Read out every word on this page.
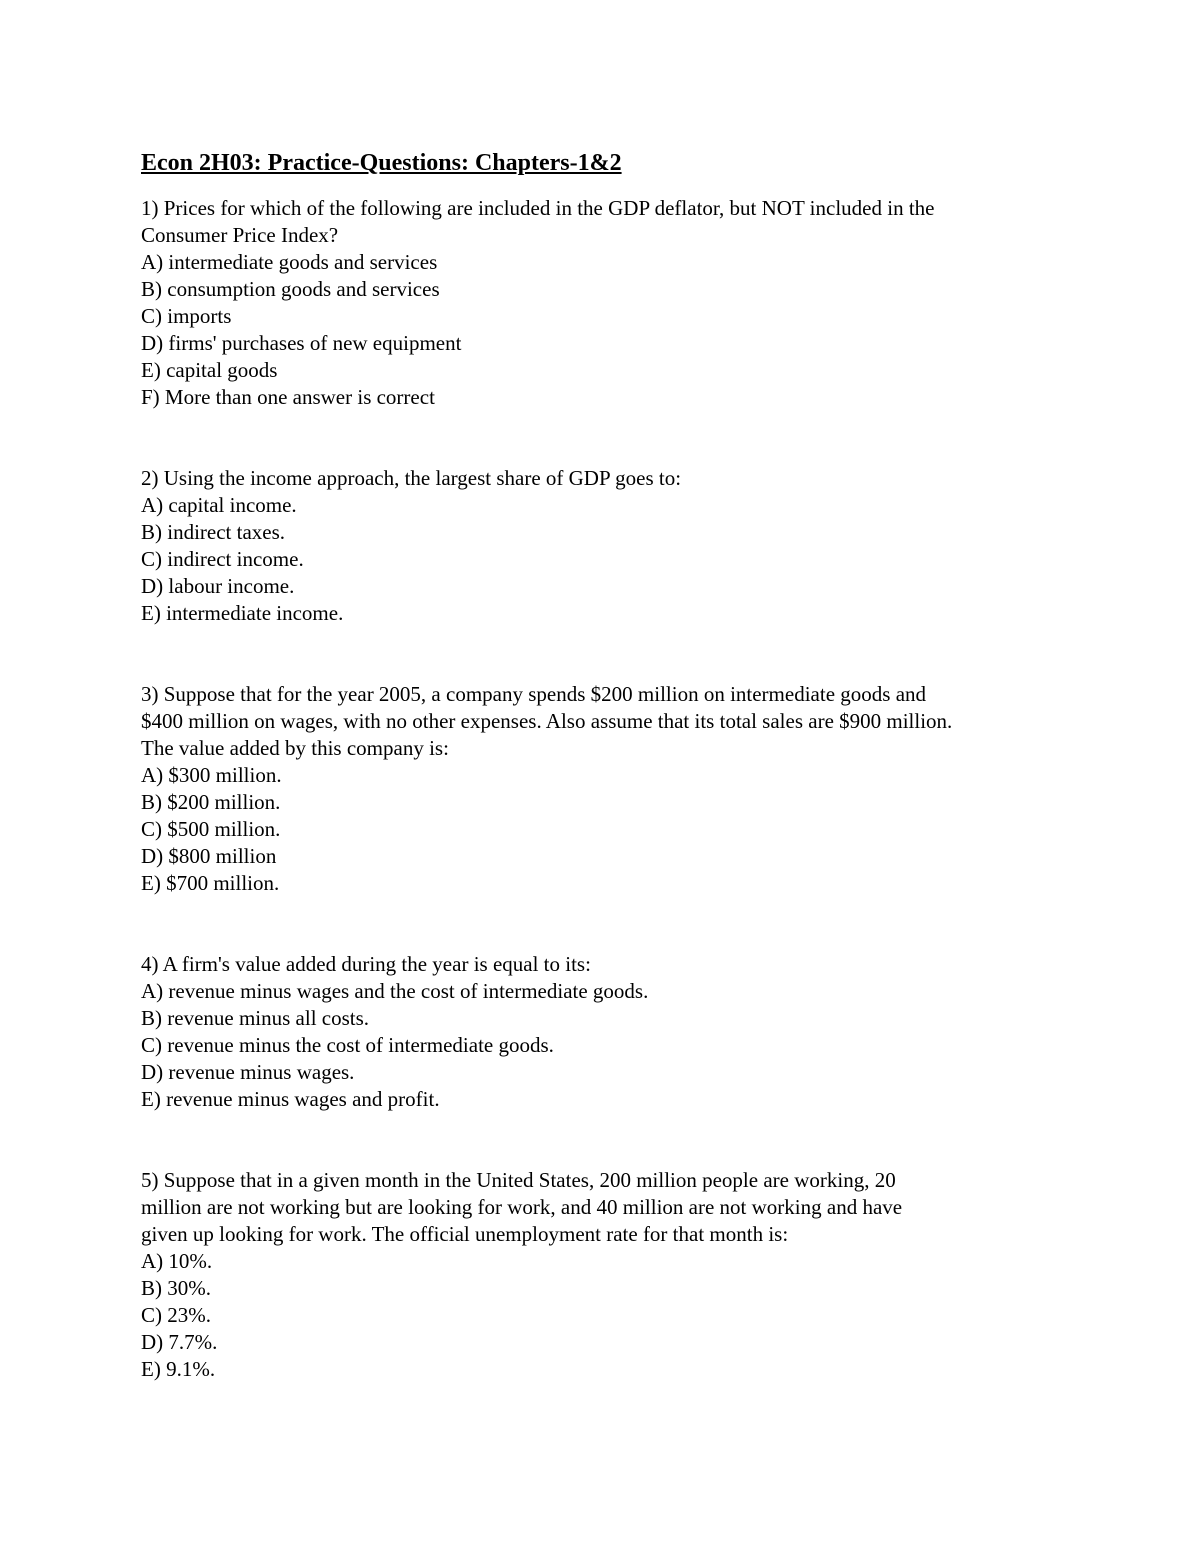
Econ 2H03: Practice-Questions: Chapters-1&2
1) Prices for which of the following are included in the GDP deflator, but NOT included in the
Consumer Price Index?
A) intermediate goods and services
B) consumption goods and services
C) imports
D) firms' purchases of new equipment
E) capital goods
F) More than one answer is correct
2) Using the income approach, the largest share of GDP goes to:
A) capital income.
B) indirect taxes.
C) indirect income.
D) labour income.
E) intermediate income.
3) Suppose that for the year 2005, a company spends $200 million on intermediate goods and
$400 million on wages, with no other expenses. Also assume that its total sales are $900 million.
The value added by this company is:
A) $300 million.
B) $200 million.
C) $500 million.
D) $800 million
E) $700 million.
4) A firm's value added during the year is equal to its:
A) revenue minus wages and the cost of intermediate goods.
B) revenue minus all costs.
C) revenue minus the cost of intermediate goods.
D) revenue minus wages.
E) revenue minus wages and profit.
5) Suppose that in a given month in the United States, 200 million people are working, 20
million are not working but are looking for work, and 40 million are not working and have
given up looking for work. The official unemployment rate for that month is:
A) 10%.
B) 30%.
C) 23%.
D) 7.7%.
E) 9.1%.
